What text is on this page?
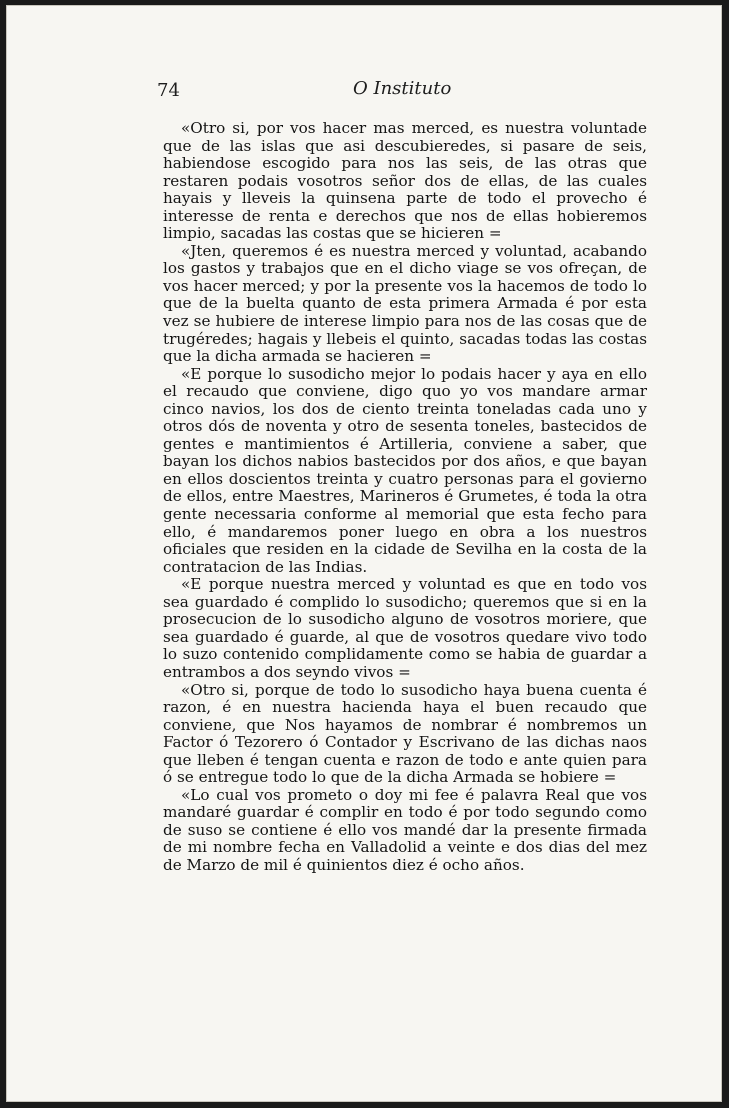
74	O Instituto

«Otro si, por vos hacer mas merced, es nuestra voluntade que de las islas que asi descubieredes, si pasare de seis, habiendose escogido para nos las seis, de las otras que restaren podais vosotros señor dos de ellas, de las cuales hayais y lleveis la quinsena parte de todo el provecho é interesse de renta e derechos que nos de ellas hobieremos limpio, sacadas las costas que se hicieren =

«Jten, queremos é es nuestra merced y voluntad, acabando los gastos y trabajos que en el dicho viage se vos ofreçan, de vos hacer merced; y por la presente vos la hacemos de todo lo que de la buelta quanto de esta primera Armada é por esta vez se hubiere de interese limpio para nos de las cosas que de trugéredes; hagais y llebeis el quinto, sacadas todas las costas que la dicha armada se hacieren =

«E porque lo susodicho mejor lo podais hacer y aya en ello el recaudo que conviene, digo quo yo vos mandare armar cinco navios, los dos de ciento treinta toneladas cada uno y otros dós de noventa y otro de sesenta toneles, bastecidos de gentes e mantimientos é Artilleria, conviene a saber, que bayan los dichos nabios bastecidos por dos años, e que bayan en ellos doscientos treinta y cuatro personas para el govierno de ellos, entre Maestres, Marineros é Grumetes, é toda la otra gente necessaria conforme al memorial que esta fecho para ello, é mandaremos poner luego en obra a los nuestros oficiales que residen en la cidade de Sevilha en la costa de la contratacion de las Indias.

«E porque nuestra merced y voluntad es que en todo vos sea guardado é complido lo susodicho; queremos que si en la prosecucion de lo susodicho alguno de vosotros moriere, que sea guardado é guarde, al que de vosotros quedare vivo todo lo suzo contenido complidamente como se habia de guardar a entrambos a dos seyndo vivos =

«Otro si, porque de todo lo susodicho haya buena cuenta é razon, é en nuestra hacienda haya el buen recaudo que conviene, que Nos hayamos de nombrar é nombremos un Factor ó Tezorero ó Contador y Escrivano de las dichas naos que lleben é tengan cuenta e razon de todo e ante quien para ó se entregue todo lo que de la dicha Armada se hobiere =

«Lo cual vos prometo o doy mi fee é palavra Real que vos mandaré guardar é complir en todo é por todo segundo como de suso se contiene é ello vos mandé dar la presente firmada de mi nombre fecha en Valladolid a veinte e dos dias del mez de Marzo de mil é quinientos diez é ocho años.
